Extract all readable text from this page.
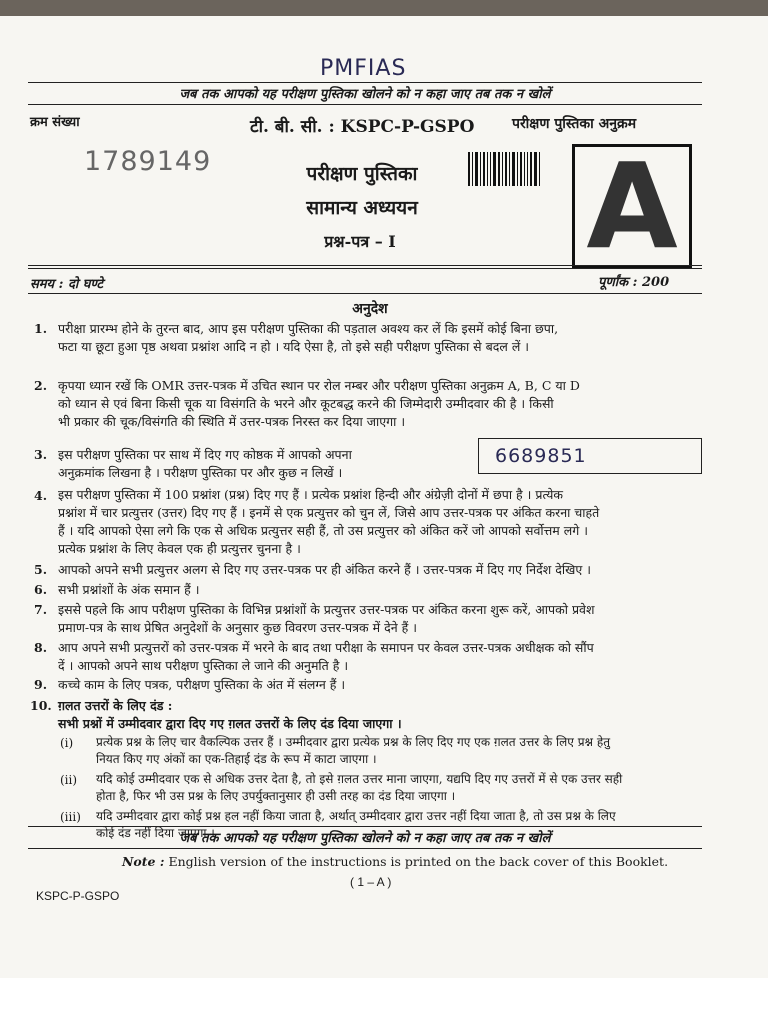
PMFIAS
जब तक आपको यह परीक्षण पुस्तिका खोलने को न कहा जाए तब तक न खोलें
क्रम संख्या	टी. बी. सी. : KSPC-P-GSPO	परीक्षण पुस्तिका अनुक्रम
1789149	परीक्षण पुस्तिका
सामान्य अध्ययन
प्रश्न-पत्र – I A
समय : दो घण्टे	पूर्णांक : 200
अनुदेश
1. परीक्षा प्रारम्भ होने के तुरन्त बाद, आप इस परीक्षण पुस्तिका की पड़ताल अवश्य कर लें कि इसमें कोई बिना छपा,
फटा या छूटा हुआ पृष्ठ अथवा प्रश्नांश आदि न हो । यदि ऐसा है, तो इसे सही परीक्षण पुस्तिका से बदल लें ।
2. कृपया ध्यान रखें कि OMR उत्तर-पत्रक में उचित स्थान पर रोल नम्बर और परीक्षण पुस्तिका अनुक्रम A, B, C या D
को ध्यान से एवं बिना किसी चूक या विसंगति के भरने और कूटबद्ध करने की जिम्मेदारी उम्मीदवार की है । किसी
भी प्रकार की चूक/विसंगति की स्थिति में उत्तर-पत्रक निरस्त कर दिया जाएगा ।
3. इस परीक्षण पुस्तिका पर साथ में दिए गए कोष्ठक में आपको अपना
अनुक्रमांक लिखना है । परीक्षण पुस्तिका पर और कुछ न लिखें ।
6689851
4. इस परीक्षण पुस्तिका में 100 प्रश्नांश (प्रश्न) दिए गए हैं । प्रत्येक प्रश्नांश हिन्दी और अंग्रेज़ी दोनों में छपा है । प्रत्येक
प्रश्नांश में चार प्रत्युत्तर (उत्तर) दिए गए हैं । इनमें से एक प्रत्युत्तर को चुन लें, जिसे आप उत्तर-पत्रक पर अंकित करना चाहते
हैं । यदि आपको ऐसा लगे कि एक से अधिक प्रत्युत्तर सही हैं, तो उस प्रत्युत्तर को अंकित करें जो आपको सर्वोत्तम लगे ।
प्रत्येक प्रश्नांश के लिए केवल एक ही प्रत्युत्तर चुनना है ।
5. आपको अपने सभी प्रत्युत्तर अलग से दिए गए उत्तर-पत्रक पर ही अंकित करने हैं । उत्तर-पत्रक में दिए गए निर्देश देखिए ।
6. सभी प्रश्नांशों के अंक समान हैं ।
7. इससे पहले कि आप परीक्षण पुस्तिका के विभिन्न प्रश्नांशों के प्रत्युत्तर उत्तर-पत्रक पर अंकित करना शुरू करें, आपको प्रवेश
प्रमाण-पत्र के साथ प्रेषित अनुदेशों के अनुसार कुछ विवरण उत्तर-पत्रक में देने हैं ।
8. आप अपने सभी प्रत्युत्तरों को उत्तर-पत्रक में भरने के बाद तथा परीक्षा के समापन पर केवल उत्तर-पत्रक अधीक्षक को सौंप
दें । आपको अपने साथ परीक्षण पुस्तिका ले जाने की अनुमति है ।
9. कच्चे काम के लिए पत्रक, परीक्षण पुस्तिका के अंत में संलग्न हैं ।
10. ग़लत उत्तरों के लिए दंड :
सभी प्रश्नों में उम्मीदवार द्वारा दिए गए ग़लत उत्तरों के लिए दंड दिया जाएगा ।
(i) प्रत्येक प्रश्न के लिए चार वैकल्पिक उत्तर हैं । उम्मीदवार द्वारा प्रत्येक प्रश्न के लिए दिए गए एक ग़लत उत्तर के लिए प्रश्न हेतु
नियत किए गए अंकों का एक-तिहाई दंड के रूप में काटा जाएगा ।
(ii) यदि कोई उम्मीदवार एक से अधिक उत्तर देता है, तो इसे ग़लत उत्तर माना जाएगा, यद्यपि दिए गए उत्तरों में से एक उत्तर सही
होता है, फिर भी उस प्रश्न के लिए उपर्युक्तानुसार ही उसी तरह का दंड दिया जाएगा ।
(iii) यदि उम्मीदवार द्वारा कोई प्रश्न हल नहीं किया जाता है, अर्थात् उम्मीदवार द्वारा उत्तर नहीं दिया जाता है, तो उस प्रश्न के लिए
कोई दंड नहीं दिया जाएगा ।
जब तक आपको यह परीक्षण पुस्तिका खोलने को न कहा जाए तब तक न खोलें
Note : English version of the instructions is printed on the back cover of this Booklet.
( 1 – A )
KSPC-P-GSPO
